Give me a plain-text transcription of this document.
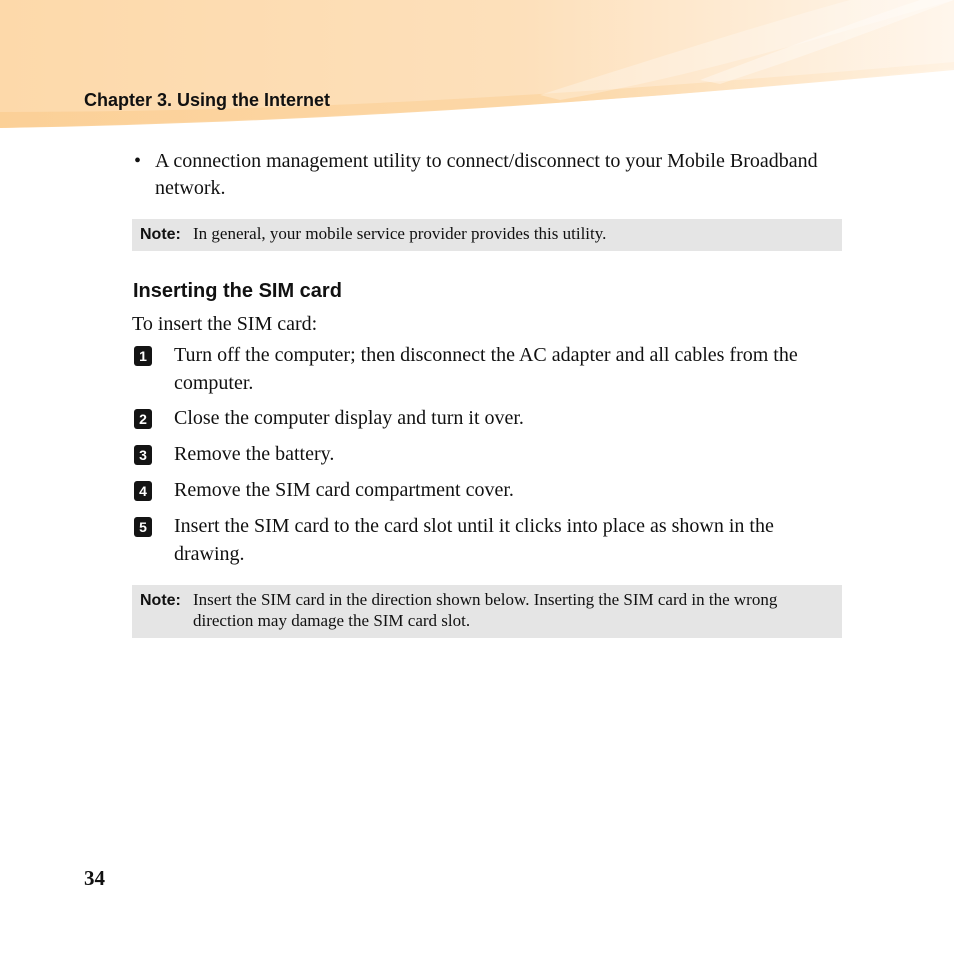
Chapter 3. Using the Internet
• A connection management utility to connect/disconnect to your Mobile Broadband network.
Note: In general, your mobile service provider provides this utility.
Inserting the SIM card

To insert the SIM card:

1 Turn off the computer; then disconnect the AC adapter and all cables from the computer.
2 Close the computer display and turn it over.
3 Remove the battery.
4 Remove the SIM card compartment cover.
5 Insert the SIM card to the card slot until it clicks into place as shown in the drawing.
Note: Insert the SIM card in the direction shown below. Inserting the SIM card in the wrong direction may damage the SIM card slot.

34
